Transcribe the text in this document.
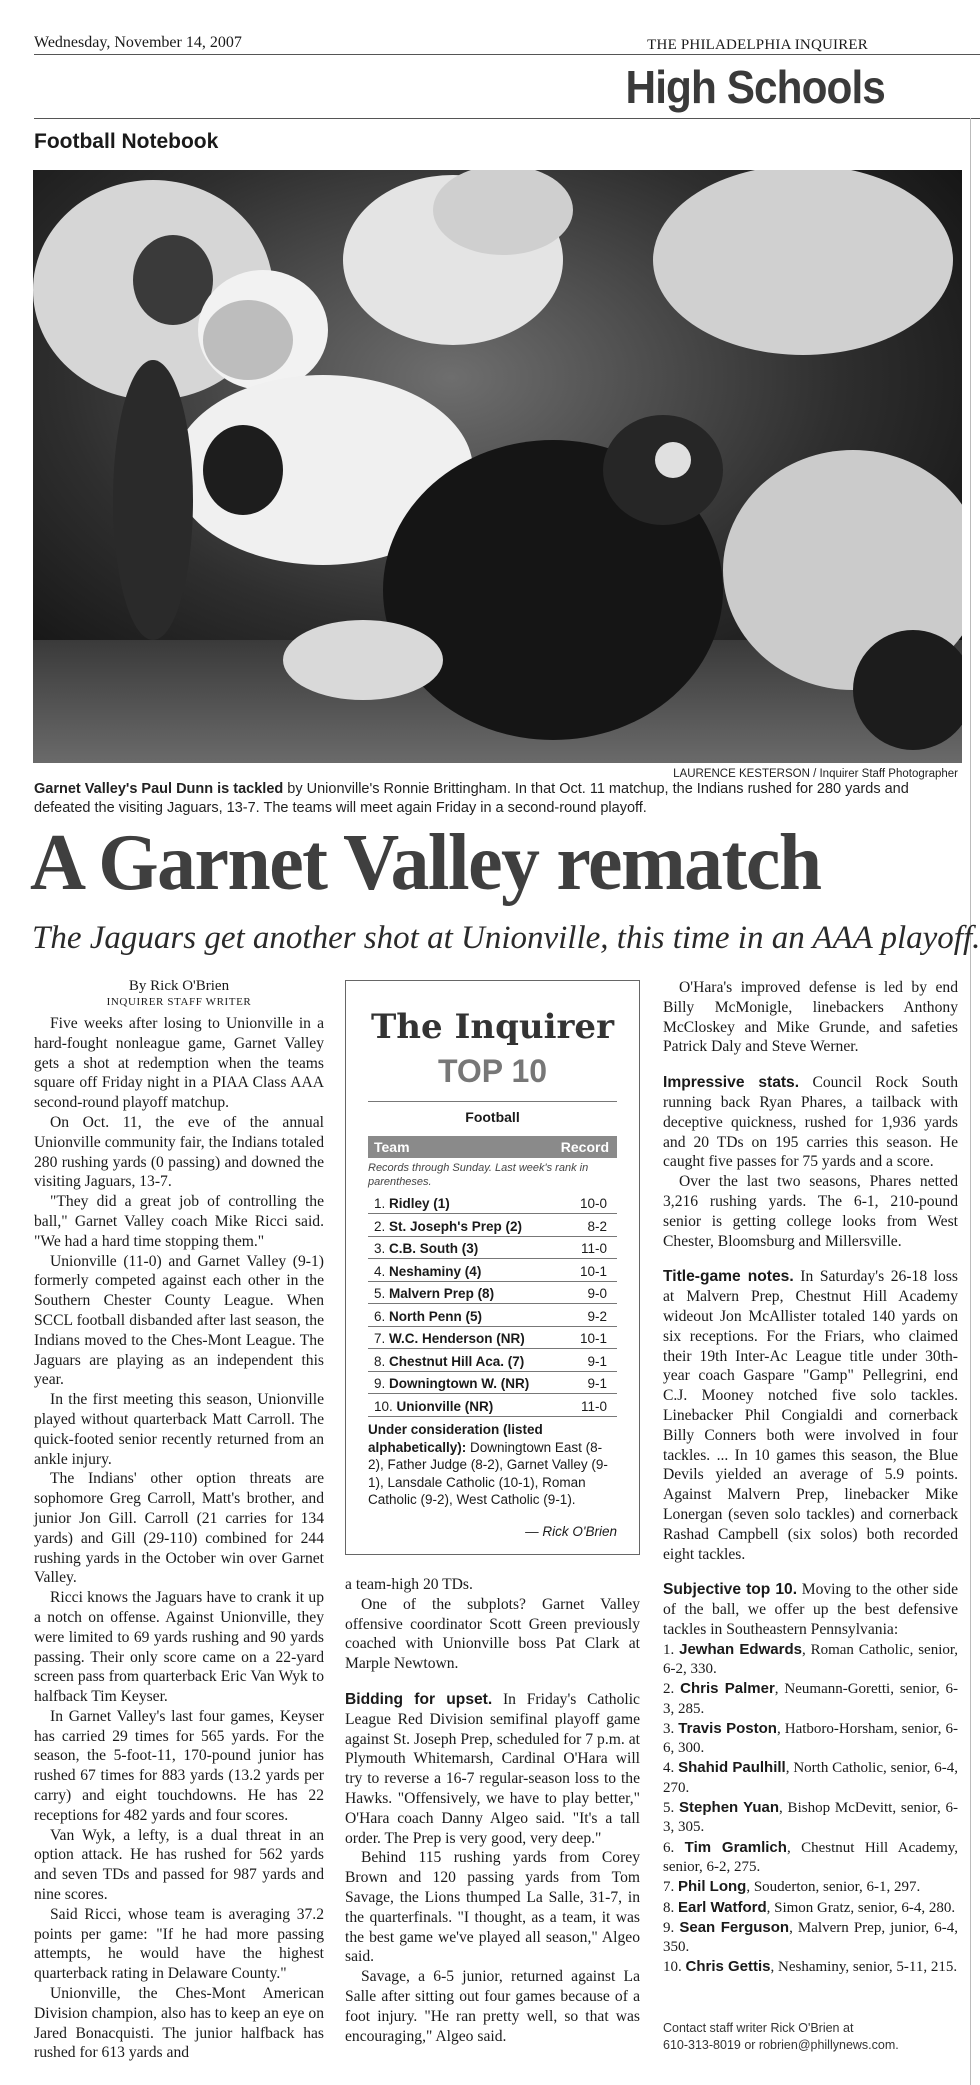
Wednesday, November 14, 2007	THE PHILADELPHIA INQUIRER
High Schools
Football Notebook
LAURENCE KESTERSON / Inquirer Staff Photographer
Garnet Valley's Paul Dunn is tackled by Unionville's Ronnie Brittingham. In that Oct. 11 matchup, the Indians rushed for 280 yards and defeated the visiting Jaguars, 13-7. The teams will meet again Friday in a second-round playoff.
A Garnet Valley rematch
The Jaguars get another shot at Unionville, this time in an AAA playoff.
By Rick O'Brien
INQUIRER STAFF WRITER

Five weeks after losing to Unionville in a hard-fought nonleague game, Garnet Valley gets a shot at redemption when the teams square off Friday night in a PIAA Class AAA second-round playoff matchup.

On Oct. 11, the eve of the annual Unionville community fair, the Indians totaled 280 rushing yards (0 passing) and downed the visiting Jaguars, 13-7.

"They did a great job of controlling the ball," Garnet Valley coach Mike Ricci said. "We had a hard time stopping them."

Unionville (11-0) and Garnet Valley (9-1) formerly competed against each other in the Southern Chester County League. When SCCL football disbanded after last season, the Indians moved to the Ches-Mont League. The Jaguars are playing as an independent this year.

In the first meeting this season, Unionville played without quarterback Matt Carroll. The quick-footed senior recently returned from an ankle injury.

The Indians' other option threats are sophomore Greg Carroll, Matt's brother, and junior Jon Gill. Carroll (21 carries for 134 yards) and Gill (29-110) combined for 244 rushing yards in the October win over Garnet Valley.

Ricci knows the Jaguars have to crank it up a notch on offense. Against Unionville, they were limited to 69 yards rushing and 90 yards passing. Their only score came on a 22-yard screen pass from quarterback Eric Van Wyk to halfback Tim Keyser.

In Garnet Valley's last four games, Keyser has carried 29 times for 565 yards. For the season, the 5-foot-11, 170-pound junior has rushed 67 times for 883 yards (13.2 yards per carry) and eight touchdowns. He has 22 receptions for 482 yards and four scores.

Van Wyk, a lefty, is a dual threat in an option attack. He has rushed for 562 yards and seven TDs and passed for 987 yards and nine scores.

Said Ricci, whose team is averaging 37.2 points per game: "If he had more passing attempts, he would have the highest quarterback rating in Delaware County."

Unionville, the Ches-Mont American Division champion, also has to keep an eye on Jared Bonacquisti. The junior halfback has rushed for 613 yards and

The Inquirer
TOP 10
Football
Team	Record
Records through Sunday. Last week's rank in parentheses.
1. Ridley (1)	10-0
2. St. Joseph's Prep (2)	8-2
3. C.B. South (3)	11-0
4. Neshaminy (4)	10-1
5. Malvern Prep (8)	9-0
6. North Penn (5)	9-2
7. W.C. Henderson (NR)	10-1
8. Chestnut Hill Aca. (7)	9-1
9. Downingtown W. (NR)	9-1
10. Unionville (NR)	11-0
Under consideration (listed alphabetically): Downingtown East (8-2), Father Judge (8-2), Garnet Valley (9-1), Lansdale Catholic (10-1), Roman Catholic (9-2), West Catholic (9-1).
— Rick O'Brien

a team-high 20 TDs.

One of the subplots? Garnet Valley offensive coordinator Scott Green previously coached with Unionville boss Pat Clark at Marple Newtown.

Bidding for upset. In Friday's Catholic League Red Division semifinal playoff game against St. Joseph Prep, scheduled for 7 p.m. at Plymouth Whitemarsh, Cardinal O'Hara will try to reverse a 16-7 regular-season loss to the Hawks. "Offensively, we have to play better," O'Hara coach Danny Algeo said. "It's a tall order. The Prep is very good, very deep."

Behind 115 rushing yards from Corey Brown and 120 passing yards from Tom Savage, the Lions thumped La Salle, 31-7, in the quarterfinals. "I thought, as a team, it was the best game we've played all season," Algeo said.

Savage, a 6-5 junior, returned against La Salle after sitting out four games because of a foot injury. "He ran pretty well, so that was encouraging," Algeo said.

O'Hara's improved defense is led by end Billy McMonigle, linebackers Anthony McCloskey and Mike Grunde, and safeties Patrick Daly and Steve Werner.

Impressive stats. Council Rock South running back Ryan Phares, a tailback with deceptive quickness, rushed for 1,936 yards and 20 TDs on 195 carries this season. He caught five passes for 75 yards and a score.

Over the last two seasons, Phares netted 3,216 rushing yards. The 6-1, 210-pound senior is getting college looks from West Chester, Bloomsburg and Millersville.

Title-game notes. In Saturday's 26-18 loss at Malvern Prep, Chestnut Hill Academy wideout Jon McAllister totaled 140 yards on six receptions. For the Friars, who claimed their 19th Inter-Ac League title under 30th-year coach Gaspare "Gamp" Pellegrini, end C.J. Mooney notched five solo tackles. Linebacker Phil Congialdi and cornerback Billy Conners both were involved in four tackles. ... In 10 games this season, the Blue Devils yielded an average of 5.9 points. Against Malvern Prep, linebacker Mike Lonergan (seven solo tackles) and cornerback Rashad Campbell (six solos) both recorded eight tackles.

Subjective top 10. Moving to the other side of the ball, we offer up the best defensive tackles in Southeastern Pennsylvania:

1. Jewhan Edwards, Roman Catholic, senior, 6-2, 330.
2. Chris Palmer, Neumann-Goretti, senior, 6-3, 285.
3. Travis Poston, Hatboro-Horsham, senior, 6-6, 300.
4. Shahid Paulhill, North Catholic, senior, 6-4, 270.
5. Stephen Yuan, Bishop McDevitt, senior, 6-3, 305.
6. Tim Gramlich, Chestnut Hill Academy, senior, 6-2, 275.
7. Phil Long, Souderton, senior, 6-1, 297.
8. Earl Watford, Simon Gratz, senior, 6-4, 280.
9. Sean Ferguson, Malvern Prep, junior, 6-4, 350.
10. Chris Gettis, Neshaminy, senior, 5-11, 215.
Contact staff writer Rick O'Brien at
610-313-8019 or robrien@phillynews.com.
